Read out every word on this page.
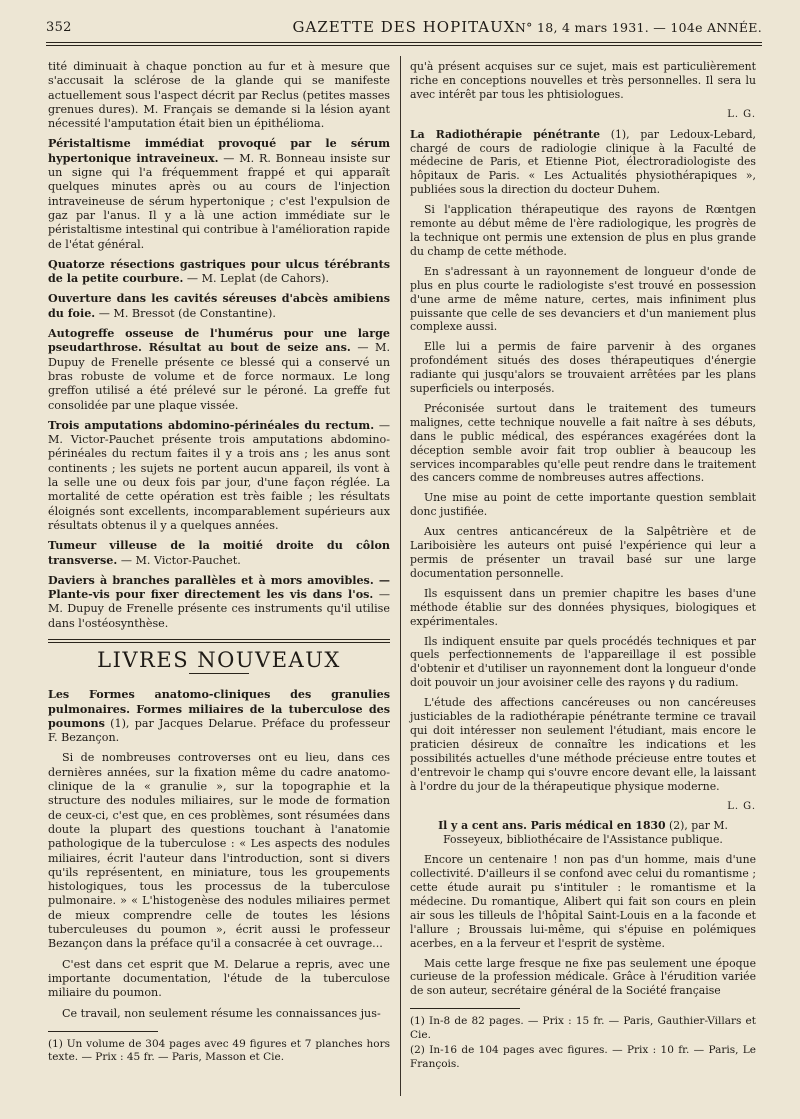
352	GAZETTE DES HOPITAUX N° 18, 4 mars 1931. — 104e ANNÉE.

tité diminuait à chaque ponction au fur et à mesure que s'accusait la sclérose de la glande qui se manifeste actuellement sous l'aspect décrit par Reclus (petites masses grenues dures). M. Français se demande si la lésion ayant nécessité l'amputation était bien un épithélioma.

Péristaltisme immédiat provoqué par le sérum hypertonique intraveineux. — M. R. Bonneau insiste sur un signe qui l'a fréquemment frappé et qui apparaît quelques minutes après ou au cours de l'injection intraveineuse de sérum hypertonique ; c'est l'expulsion de gaz par l'anus. Il y a là une action immédiate sur le péristaltisme intestinal qui contribue à l'amélioration rapide de l'état général.

Quatorze résections gastriques pour ulcus térébrants de la petite courbure. — M. Leplat (de Cahors).

Ouverture dans les cavités séreuses d'abcès amibiens du foie. — M. Bressot (de Constantine).

Autogreffe osseuse de l'humérus pour une large pseudarthrose. Résultat au bout de seize ans. — M. Dupuy de Frenelle présente ce blessé qui a conservé un bras robuste de volume et de force normaux. Le long greffon utilisé a été prélevé sur le péroné. La greffe fut consolidée par une plaque vissée.

Trois amputations abdomino-périnéales du rectum. — M. Victor-Pauchet présente trois amputations abdomino-périnéales du rectum faites il y a trois ans ; les anus sont continents ; les sujets ne portent aucun appareil, ils vont à la selle une ou deux fois par jour, d'une façon réglée. La mortalité de cette opération est très faible ; les résultats éloignés sont excellents, incomparablement supérieurs aux résultats obtenus il y a quelques années.

Tumeur villeuse de la moitié droite du côlon transverse. — M. Victor-Pauchet.

Daviers à branches parallèles et à mors amovibles. — Plante-vis pour fixer directement les vis dans l'os. — M. Dupuy de Frenelle présente ces instruments qu'il utilise dans l'ostéosynthèse.

LIVRES NOUVEAUX

Les Formes anatomo-cliniques des granulies pulmonaires. Formes miliaires de la tuberculose des poumons (1), par Jacques Delarue. Préface du professeur F. Bezançon.

Si de nombreuses controverses ont eu lieu, dans ces dernières années, sur la fixation même du cadre anatomo-clinique de la « granulie », sur la topographie et la structure des nodules miliaires, sur le mode de formation de ceux-ci, c'est que, en ces problèmes, sont résumées dans doute la plupart des questions touchant à l'anatomie pathologique de la tuberculose : « Les aspects des nodules miliaires, écrit l'auteur dans l'introduction, sont si divers qu'ils représentent, en miniature, tous les groupements histologiques, tous les processus de la tuberculose pulmonaire. » « L'histogenèse des nodules miliaires permet de mieux comprendre celle de toutes les lésions tuberculeuses du poumon », écrit aussi le professeur Bezançon dans la préface qu'il a consacrée à cet ouvrage...

C'est dans cet esprit que M. Delarue a repris, avec une importante documentation, l'étude de la tuberculose miliaire du poumon.

Ce travail, non seulement résume les connaissances jus-

(1) Un volume de 304 pages avec 49 figures et 7 planches hors texte. — Prix : 45 fr. — Paris, Masson et Cie.

qu'à présent acquises sur ce sujet, mais est particulièrement riche en conceptions nouvelles et très personnelles. Il sera lu avec intérêt par tous les phtisiologues.

L. G.

La Radiothérapie pénétrante (1), par Ledoux-Lebard, chargé de cours de radiologie clinique à la Faculté de médecine de Paris, et Etienne Piot, électroradiologiste des hôpitaux de Paris. « Les Actualités physiothérapiques », publiées sous la direction du docteur Duhem.

Si l'application thérapeutique des rayons de Rœntgen remonte au début même de l'ère radiologique, les progrès de la technique ont permis une extension de plus en plus grande du champ de cette méthode.

En s'adressant à un rayonnement de longueur d'onde de plus en plus courte le radiologiste s'est trouvé en possession d'une arme de même nature, certes, mais infiniment plus puissante que celle de ses devanciers et d'un maniement plus complexe aussi.

Elle lui a permis de faire parvenir à des organes profondément situés des doses thérapeutiques d'énergie radiante qui jusqu'alors se trouvaient arrêtées par les plans superficiels ou interposés.

Préconisée surtout dans le traitement des tumeurs malignes, cette technique nouvelle a fait naître à ses débuts, dans le public médical, des espérances exagérées dont la déception semble avoir fait trop oublier à beaucoup les services incomparables qu'elle peut rendre dans le traitement des cancers comme de nombreuses autres affections.

Une mise au point de cette importante question semblait donc justifiée.

Aux centres anticancéreux de la Salpêtrière et de Lariboisière les auteurs ont puisé l'expérience qui leur a permis de présenter un travail basé sur une large documentation personnelle.

Ils esquissent dans un premier chapitre les bases d'une méthode établie sur des données physiques, biologiques et expérimentales.

Ils indiquent ensuite par quels procédés techniques et par quels perfectionnements de l'appareillage il est possible d'obtenir et d'utiliser un rayonnement dont la longueur d'onde doit pouvoir un jour avoisiner celle des rayons γ du radium.

L'étude des affections cancéreuses ou non cancéreuses justiciables de la radiothérapie pénétrante termine ce travail qui doit intéresser non seulement l'étudiant, mais encore le praticien désireux de connaître les indications et les possibilités actuelles d'une méthode précieuse entre toutes et d'entrevoir le champ qui s'ouvre encore devant elle, la laissant à l'ordre du jour de la thérapeutique physique moderne.

L. G.

Il y a cent ans. Paris médical en 1830 (2), par M. Fosseyeux, bibliothécaire de l'Assistance publique.

Encore un centenaire ! non pas d'un homme, mais d'une collectivité. D'ailleurs il se confond avec celui du romantisme ; cette étude aurait pu s'intituler : le romantisme et la médecine. Du romantique, Alibert qui fait son cours en plein air sous les tilleuls de l'hôpital Saint-Louis en a la faconde et l'allure ; Broussais lui-même, qui s'épuise en polémiques acerbes, en a la ferveur et l'esprit de système.

Mais cette large fresque ne fixe pas seulement une époque curieuse de la profession médicale. Grâce à l'érudition variée de son auteur, secrétaire général de la Société française

(1) In-8 de 82 pages. — Prix : 15 fr. — Paris, Gauthier-Villars et Cie.

(2) In-16 de 104 pages avec figures. — Prix : 10 fr. — Paris, Le François.
